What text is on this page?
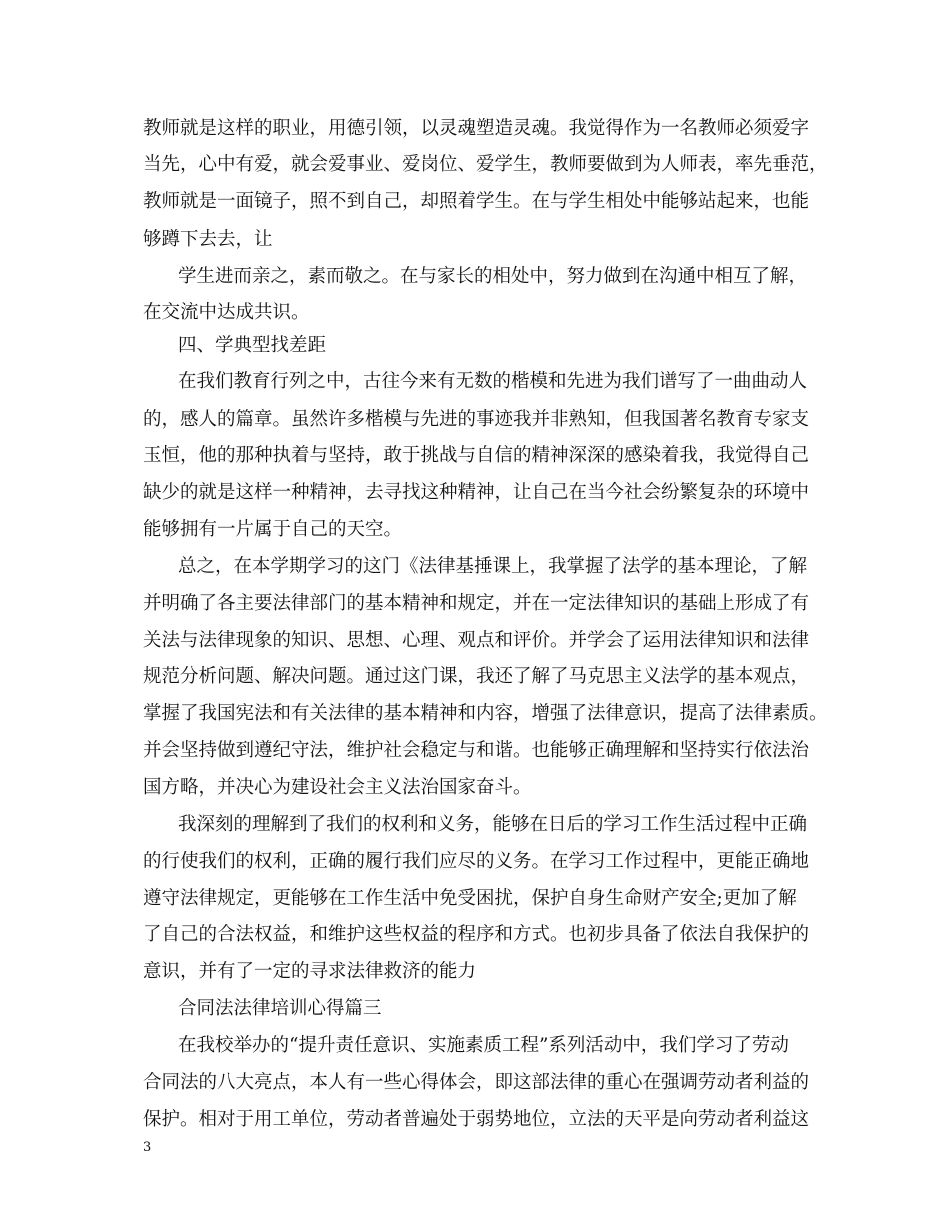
教师就是这样的职业，用德引领，以灵魂塑造灵魂。我觉得作为一名教师必须爱字
当先，心中有爱，就会爱事业、爱岗位、爱学生，教师要做到为人师表，率先垂范，
教师就是一面镜子，照不到自己，却照着学生。在与学生相处中能够站起来，也能
够蹲下去去，让
学生进而亲之，素而敬之。在与家长的相处中，努力做到在沟通中相互了解，
在交流中达成共识。
四、学典型找差距
在我们教育行列之中，古往今来有无数的楷模和先进为我们谱写了一曲曲动人
的，感人的篇章。虽然许多楷模与先进的事迹我并非熟知，但我国著名教育专家支
玉恒，他的那种执着与坚持，敢于挑战与自信的精神深深的感染着我，我觉得自己
缺少的就是这样一种精神，去寻找这种精神，让自己在当今社会纷繁复杂的环境中
能够拥有一片属于自己的天空。
总之，在本学期学习的这门《法律基捶课上，我掌握了法学的基本理论，了解
并明确了各主要法律部门的基本精神和规定，并在一定法律知识的基础上形成了有
关法与法律现象的知识、思想、心理、观点和评价。并学会了运用法律知识和法律
规范分析问题、解决问题。通过这门课，我还了解了马克思主义法学的基本观点，
掌握了我国宪法和有关法律的基本精神和内容，增强了法律意识，提高了法律素质。
并会坚持做到遵纪守法，维护社会稳定与和谐。也能够正确理解和坚持实行依法治
国方略，并决心为建设社会主义法治国家奋斗。
我深刻的理解到了我们的权利和义务，能够在日后的学习工作生活过程中正确
的行使我们的权利，正确的履行我们应尽的义务。在学习工作过程中，更能正确地
遵守法律规定，更能够在工作生活中免受困扰，保护自身生命财产安全;更加了解
了自己的合法权益，和维护这些权益的程序和方式。也初步具备了依法自我保护的
意识，并有了一定的寻求法律救济的能力
合同法法律培训心得篇三
在我校举办的“提升责任意识、实施素质工程”系列活动中，我们学习了劳动
合同法的八大亮点，本人有一些心得体会，即这部法律的重心在强调劳动者利益的
保护。相对于用工单位，劳动者普遍处于弱势地位，立法的天平是向劳动者利益这
3
